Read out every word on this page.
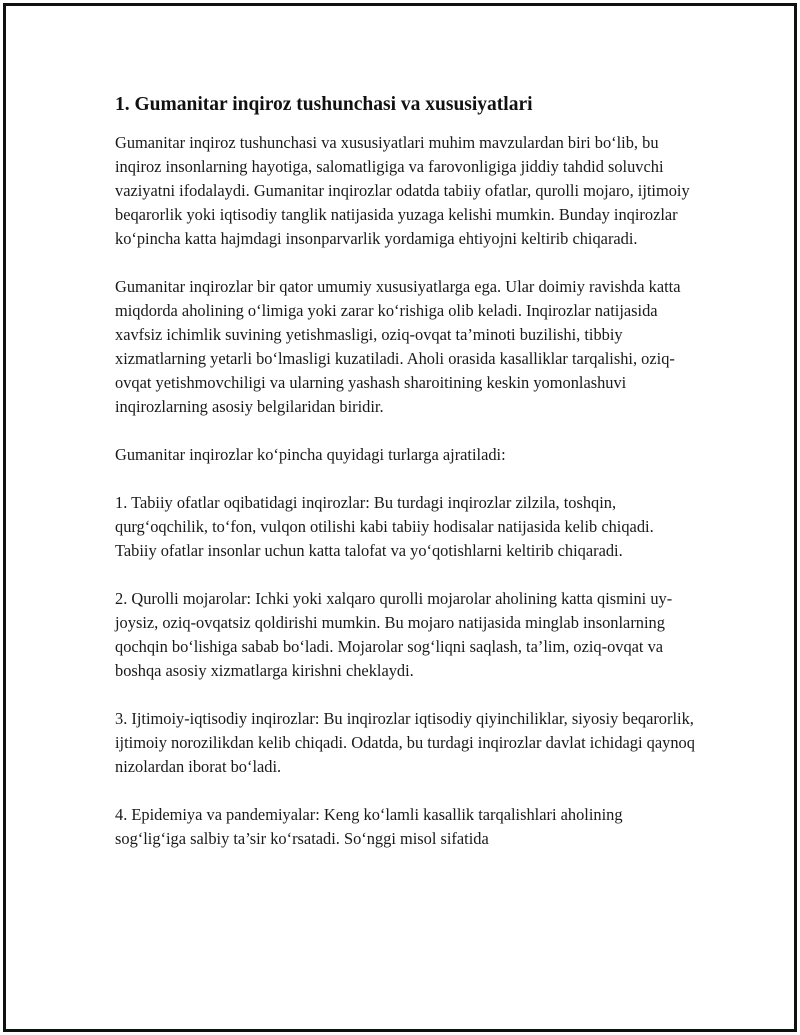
1. Gumanitar inqiroz tushunchasi va xususiyatlari

Gumanitar inqiroz tushunchasi va xususiyatlari muhim mavzulardan biri bo‘lib, bu inqiroz insonlarning hayotiga, salomatligiga va farovonligiga jiddiy tahdid soluvchi vaziyatni ifodalaydi. Gumanitar inqirozlar odatda tabiiy ofatlar, qurolli mojaro, ijtimoiy beqarorlik yoki iqtisodiy tanglik natijasida yuzaga kelishi mumkin. Bunday inqirozlar ko‘pincha katta hajmdagi insonparvarlik yordamiga ehtiyojni keltirib chiqaradi.

Gumanitar inqirozlar bir qator umumiy xususiyatlarga ega. Ular doimiy ravishda katta miqdorda aholining o‘limiga yoki zarar ko‘rishiga olib keladi. Inqirozlar natijasida xavfsiz ichimlik suvining yetishmasligi, oziq-ovqat ta’minoti buzilishi, tibbiy xizmatlarning yetarli bo‘lmasligi kuzatiladi. Aholi orasida kasalliklar tarqalishi, oziq-ovqat yetishmovchiligi va ularning yashash sharoitining keskin yomonlashuvi inqirozlarning asosiy belgilaridan biridir.

Gumanitar inqirozlar ko‘pincha quyidagi turlarga ajratiladi:

1. Tabiiy ofatlar oqibatidagi inqirozlar: Bu turdagi inqirozlar zilzila, toshqin, qurg‘oqchilik, to‘fon, vulqon otilishi kabi tabiiy hodisalar natijasida kelib chiqadi. Tabiiy ofatlar insonlar uchun katta talofat va yo‘qotishlarni keltirib chiqaradi.

2. Qurolli mojarolar: Ichki yoki xalqaro qurolli mojarolar aholining katta qismini uy-joysiz, oziq-ovqatsiz qoldirishi mumkin. Bu mojaro natijasida minglab insonlarning qochqin bo‘lishiga sabab bo‘ladi. Mojarolar sog‘liqni saqlash, ta’lim, oziq-ovqat va boshqa asosiy xizmatlarga kirishni cheklaydi.

3. Ijtimoiy-iqtisodiy inqirozlar: Bu inqirozlar iqtisodiy qiyinchiliklar, siyosiy beqarorlik, ijtimoiy norozilikdan kelib chiqadi. Odatda, bu turdagi inqirozlar davlat ichidagi qaynoq nizolardan iborat bo‘ladi.

4. Epidemiya va pandemiyalar: Keng ko‘lamli kasallik tarqalishlari aholining sog‘lig‘iga salbiy ta’sir ko‘rsatadi. So‘nggi misol sifatida
